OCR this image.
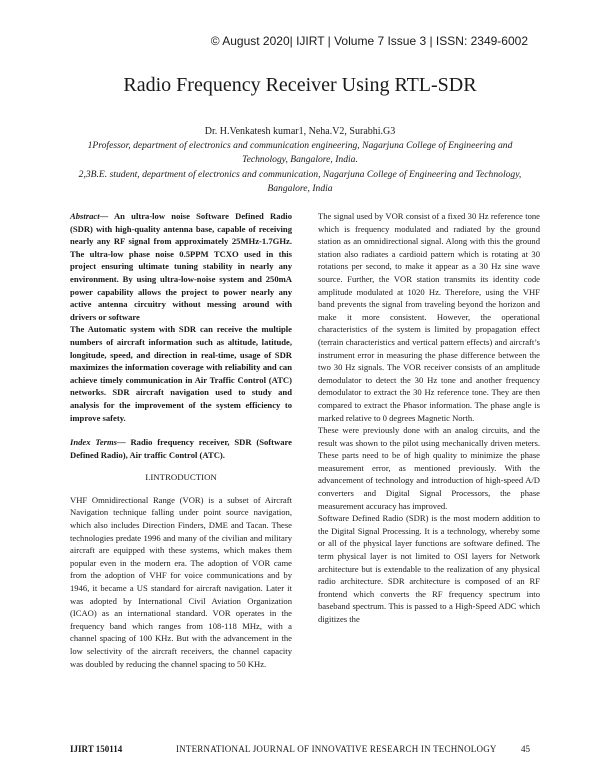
© August 2020| IJIRT | Volume 7 Issue 3 | ISSN: 2349-6002
Radio Frequency Receiver Using RTL-SDR
Dr. H.Venkatesh kumar1, Neha.V2, Surabhi.G3
1Professor, department of electronics and communication engineering, Nagarjuna College of Engineering and Technology, Bangalore, India.
2,3B.E. student, department of electronics and communication, Nagarjuna College of Engineering and Technology, Bangalore, India

Abstract— An ultra-low noise Software Defined Radio (SDR) with high-quality antenna base, capable of receiving nearly any RF signal from approximately 25MHz-1.7GHz. The ultra-low phase noise 0.5PPM TCXO used in this project ensuring ultimate tuning stability in nearly any environment. By using ultra-low-noise system and 250mA power capability allows the project to power nearly any active antenna circuitry without messing around with drivers or software

The Automatic system with SDR can receive the multiple numbers of aircraft information such as altitude, latitude, longitude, speed, and direction in real-time, usage of SDR maximizes the information coverage with reliability and can achieve timely communication in Air Traffic Control (ATC) networks. SDR aircraft navigation used to study and analysis for the improvement of the system efficiency to improve safety.

Index Terms— Radio frequency receiver, SDR (Software Defined Radio), Air traffic Control (ATC).

I.INTRODUCTION

VHF Omnidirectional Range (VOR) is a subset of Aircraft Navigation technique falling under point source navigation, which also includes Direction Finders, DME and Tacan. These technologies predate 1996 and many of the civilian and military aircraft are equipped with these systems, which makes them popular even in the modern era. The adoption of VOR came from the adoption of VHF for voice communications and by 1946, it became a US standard for aircraft navigation. Later it was adopted by International Civil Aviation Organization (ICAO) as an international standard. VOR operates in the frequency band which ranges from 108-118 MHz, with a channel spacing of 100 KHz. But with the advancement in the low selectivity of the aircraft receivers, the channel capacity was doubled by reducing the channel spacing to 50 KHz.

The signal used by VOR consist of a fixed 30 Hz reference tone which is frequency modulated and radiated by the ground station as an omnidirectional signal. Along with this the ground station also radiates a cardioid pattern which is rotating at 30 rotations per second, to make it appear as a 30 Hz sine wave source. Further, the VOR station transmits its identity code amplitude modulated at 1020 Hz. Therefore, using the VHF band prevents the signal from traveling beyond the horizon and make it more consistent. However, the operational characteristics of the system is limited by propagation effect (terrain characteristics and vertical pattern effects) and aircraft’s instrument error in measuring the phase difference between the two 30 Hz signals. The VOR receiver consists of an amplitude demodulator to detect the 30 Hz tone and another frequency demodulator to extract the 30 Hz reference tone. They are then compared to extract the Phasor information. The phase angle is marked relative to 0 degrees Magnetic North.

These were previously done with an analog circuits, and the result was shown to the pilot using mechanically driven meters. These parts need to be of high quality to minimize the phase measurement error, as mentioned previously. With the advancement of technology and introduction of high-speed A/D converters and Digital Signal Processors, the phase measurement accuracy has improved.

Software Defined Radio (SDR) is the most modern addition to the Digital Signal Processing. It is a technology, whereby some or all of the physical layer functions are software defined. The term physical layer is not limited to OSI layers for Network architecture but is extendable to the realization of any physical radio architecture. SDR architecture is composed of an RF frontend which converts the RF frequency spectrum into baseband spectrum. This is passed to a High-Speed ADC which digitizes the

IJIRT 150114	INTERNATIONAL JOURNAL OF INNOVATIVE RESEARCH IN TECHNOLOGY	45
